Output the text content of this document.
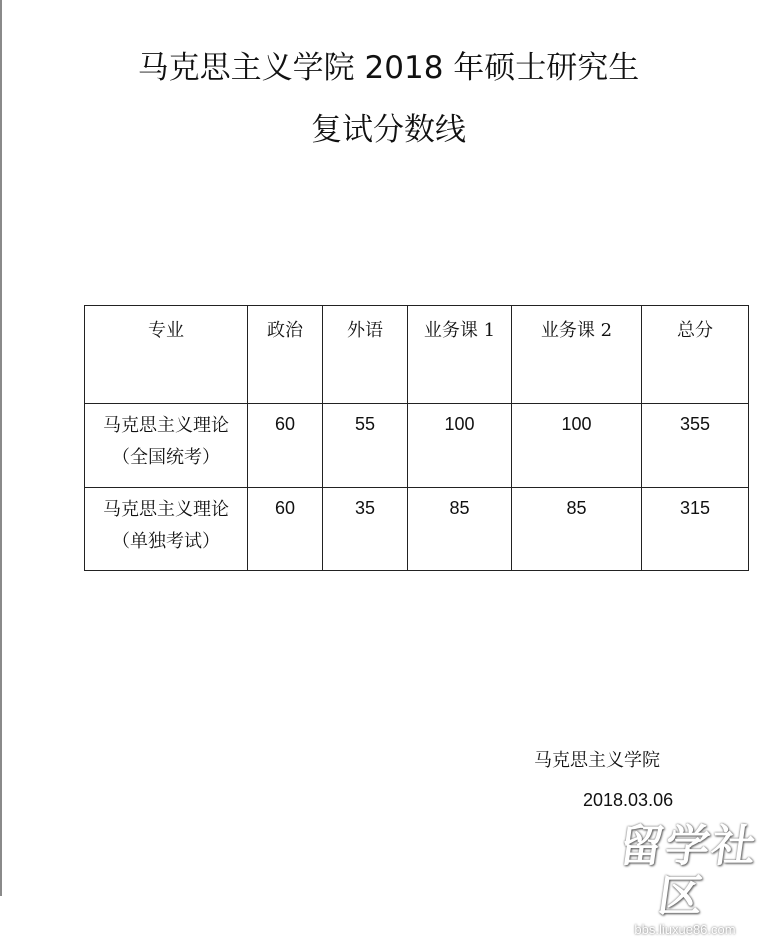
马克思主义学院 2018 年硕士研究生
复试分数线
专业	政治	外语	业务课 1	业务课 2	总分

马克思主义理论
（全国统考）	60	55	100	100	355

马克思主义理论
（单独考试）	60	35	85	85	315
马克思主义学院
2018.03.06
留学社区
bbs.liuxue86.com
